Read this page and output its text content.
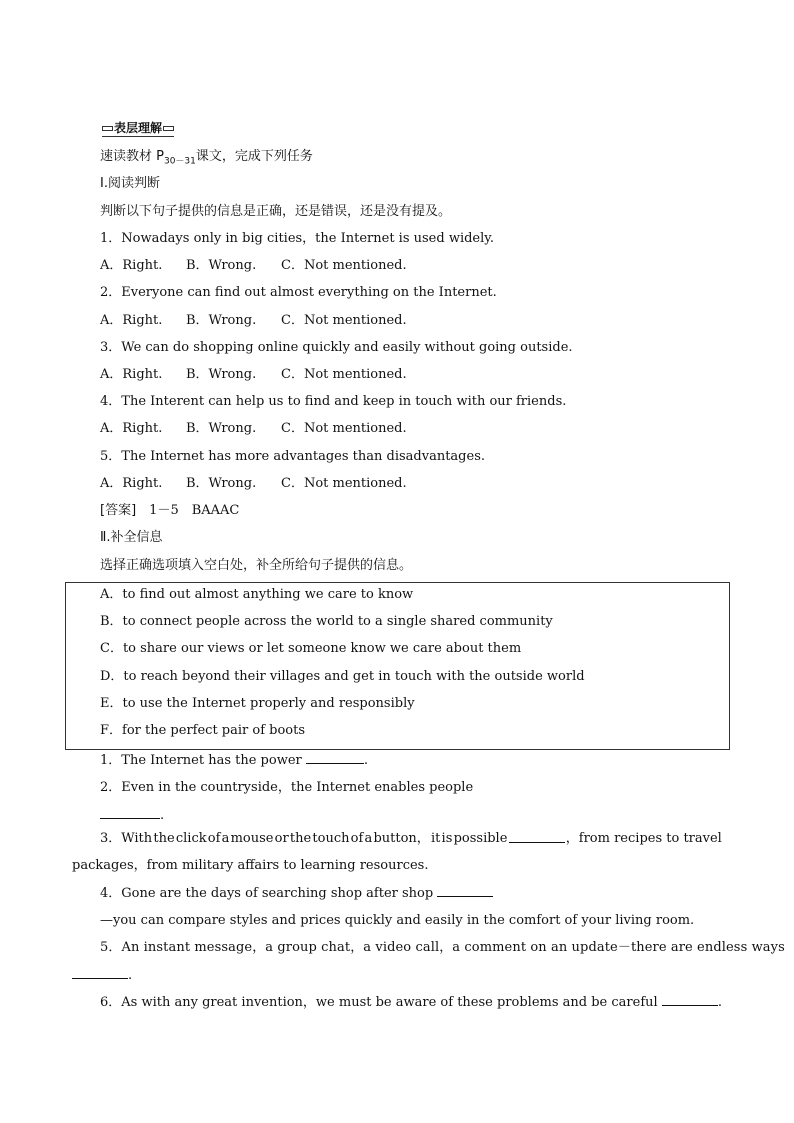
表层理解
速读教材 $P_{30-31}$课文，完成下列任务
Ⅰ.阅读判断
判断以下句子提供的信息是正确，还是错误，还是没有提及。
1．Nowadays only in big cities，the Internet is used widely.
A．Right. B．Wrong. C．Not mentioned.
2．Everyone can find out almost everything on the Internet.
A．Right. B．Wrong. C．Not mentioned.
3．We can do shopping online quickly and easily without going outside.
A．Right. B．Wrong. C．Not mentioned.
4．The Interent can help us to find and keep in touch with our friends.
A．Right. B．Wrong. C．Not mentioned.
5．The Internet has more advantages than disadvantages.
A．Right. B．Wrong. C．Not mentioned.
[答案]　 1－5　BAAAC
Ⅱ.补全信息
选择正确选项填入空白处，补全所给句子提供的信息。
A．to find out almost anything we care to know
B．to connect people across the world to a single shared community
C．to share our views or let someone know we care about them
D．to reach beyond their villages and get in touch with the outside world
E．to use the Internet properly and responsibly
F．for the perfect pair of boots
1．The Internet has the power	.
2．Even in the countryside，the Internet enables people
.
3．With the click of a mouse or the touch of a button， it is possible	，from recipes to travel
packages，from military affairs to learning resources.
4．Gone are the days of searching shop after shop
—you can compare styles and prices quickly and easily in the comfort of your living room.
5．An instant message，a group chat，a video call，a comment on an update－there are endless ways
.
6．As with any great invention，we must be aware of these problems and be careful	.
